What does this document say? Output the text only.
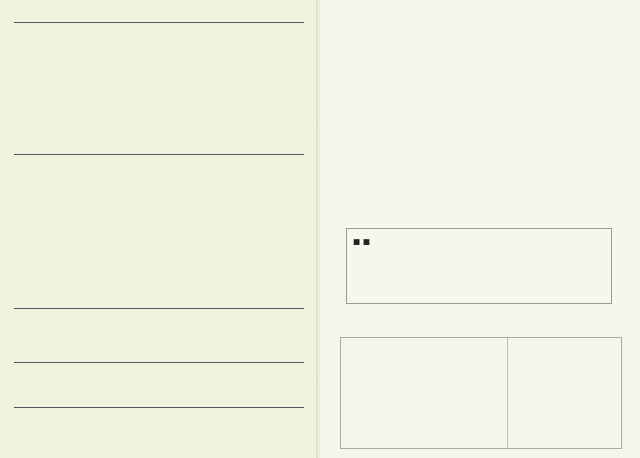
■ ■
